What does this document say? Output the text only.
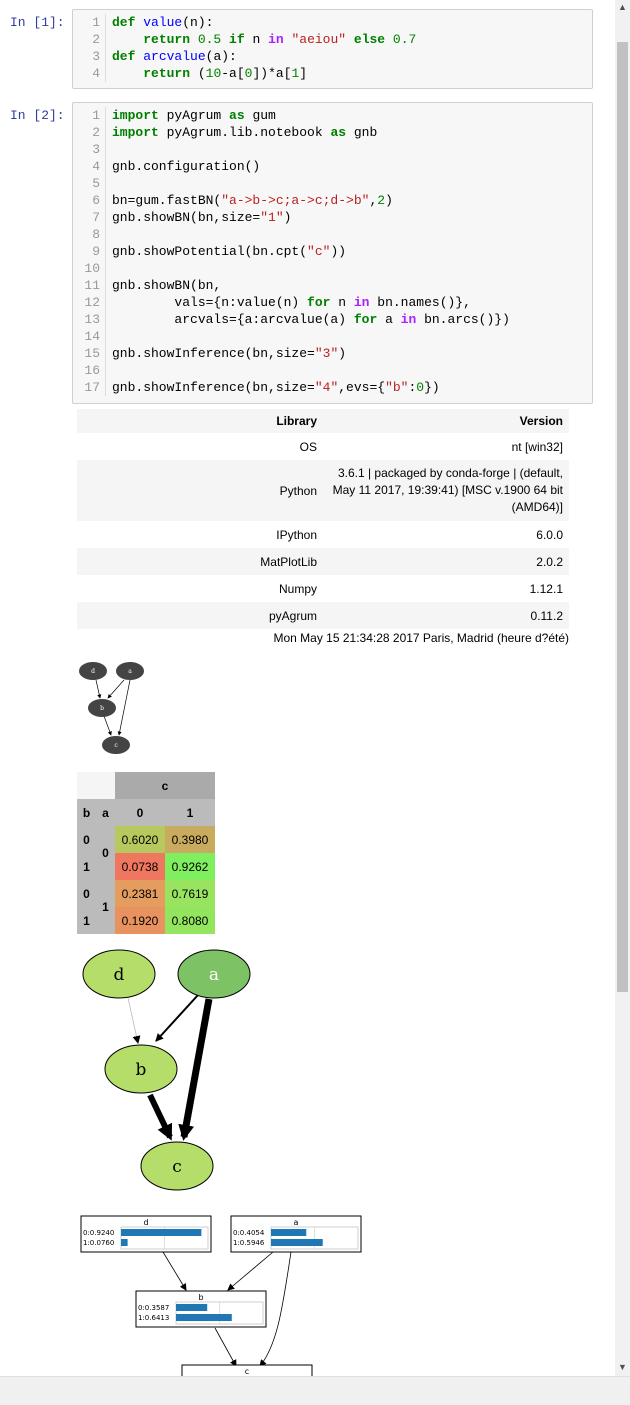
In [1]:	1 def value(n):
2	return 0.5 if n in "aeiou" else 0.7
3 def arcvalue(a):
4	return (10-a[0])*a[1]
In [2]:	1 import pyAgrum as gum
2 import pyAgrum.lib.notebook as gnb
3
4 gnb.configuration()
5
6 bn=gum.fastBN("a->b->c;a->c;d->b",2)
7 gnb.showBN(bn,size="1")
8
9 gnb.showPotential(bn.cpt("c"))
10
11 gnb.showBN(bn,
12        vals={n:value(n) for n in bn.names()},
13        arcvals={a:arcvalue(a) for a in bn.arcs()})
14
15 gnb.showInference(bn,size="3")
16
17 gnb.showInference(bn,size="4",evs={"b":0})
Library	Version
OS	nt [win32]
Python	3.6.1 | packaged by conda-forge | (default, May 11 2017, 19:39:41) [MSC v.1900 64 bit (AMD64)]
IPython	6.0.0
MatPlotLib	2.0.2
Numpy	1.12.1
pyAgrum	0.11.2
Mon May 15 21:34:28 2017 Paris, Madrid (heure d?été)	
d	a
b
c
		c	
b	a	0	1
0	0	0.6020	0.3980
1		0.0738	0.9262
0	1	0.2381	0.7619
1		0.1920	0.8080
d	a
b
c
d
0:0.9240
1:0.0760
a
0:0.4054
1:0.5946
b
0:0.3587
1:0.6413
c
▲
▼
